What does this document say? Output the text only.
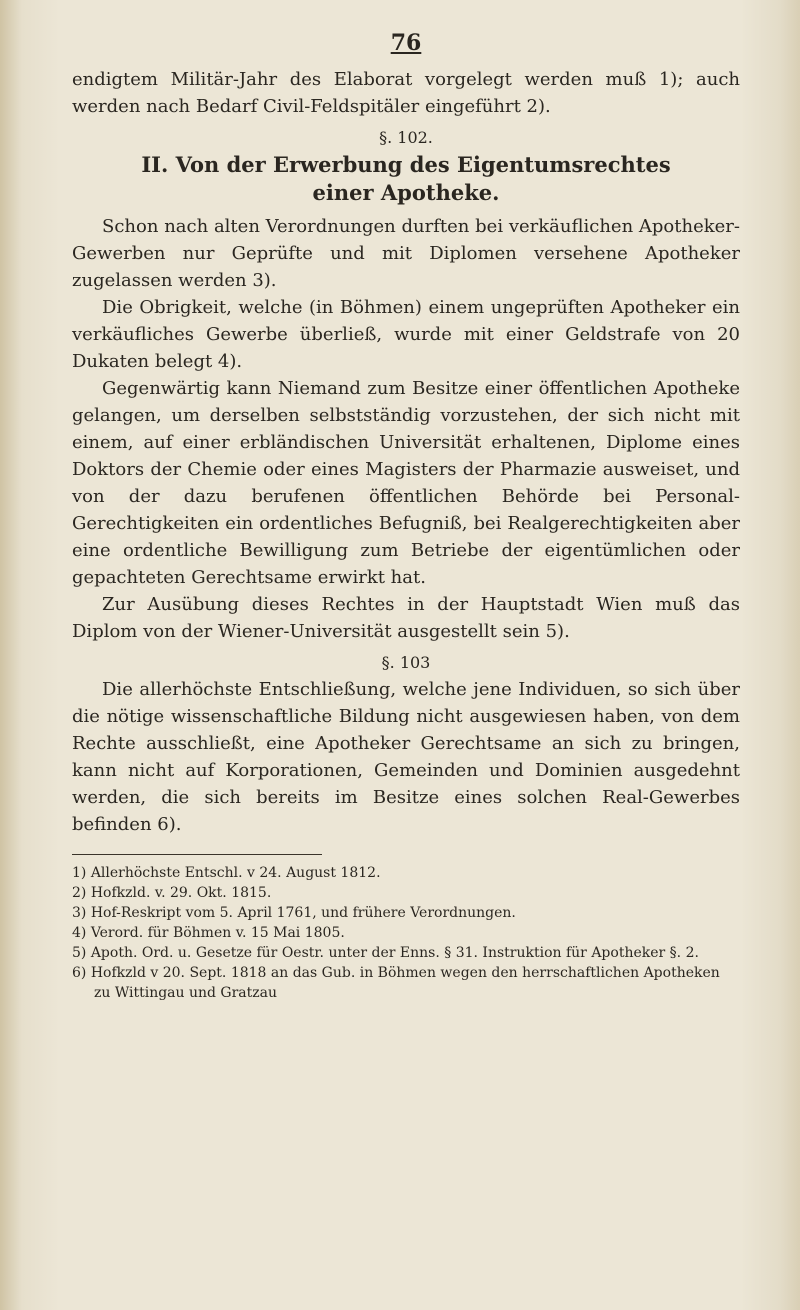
76

endigtem Militär-Jahr des Elaborat vorgelegt werden muß 1); auch werden nach Bedarf Civil-Feldspitäler eingeführt 2).

§. 102.
II. Von der Erwerbung des Eigentumsrechtes
einer Apotheke.

Schon nach alten Verordnungen durften bei verkäuflichen Apotheker-Gewerben nur Geprüfte und mit Diplomen versehene Apotheker zugelassen werden 3).

Die Obrigkeit, welche (in Böhmen) einem ungeprüften Apotheker ein verkäufliches Gewerbe überließ, wurde mit einer Geldstrafe von 20 Dukaten belegt 4).

Gegenwärtig kann Niemand zum Besitze einer öffentlichen Apotheke gelangen, um derselben selbstständig vorzustehen, der sich nicht mit einem, auf einer erbländischen Universität erhaltenen, Diplome eines Doktors der Chemie oder eines Magisters der Pharmazie ausweiset, und von der dazu berufenen öffentlichen Behörde bei Personal-Gerechtigkeiten ein ordentliches Befugniß, bei Realgerechtigkeiten aber eine ordentliche Bewilligung zum Betriebe der eigentümlichen oder gepachteten Gerechtsame erwirkt hat.

Zur Ausübung dieses Rechtes in der Hauptstadt Wien muß das Diplom von der Wiener-Universität ausgestellt sein 5).

§. 103

Die allerhöchste Entschließung, welche jene Individuen, so sich über die nötige wissenschaftliche Bildung nicht ausgewiesen haben, von dem Rechte ausschließt, eine Apotheker Gerechtsame an sich zu bringen, kann nicht auf Korporationen, Gemeinden und Dominien ausgedehnt werden, die sich bereits im Besitze eines solchen Real-Gewerbes befinden 6).

1) Allerhöchste Entschl. v 24. August 1812.

2) Hofkzld. v. 29. Okt. 1815.

3) Hof-Reskript vom 5. April 1761, und frühere Verordnungen.

4) Verord. für Böhmen v. 15 Mai 1805.

5) Apoth. Ord. u. Gesetze für Oestr. unter der Enns. § 31. Instruktion für Apotheker §. 2.

6) Hofkzld v 20. Sept. 1818 an das Gub. in Böhmen wegen den herrschaftlichen Apotheken zu Wittingau und Gratzau
